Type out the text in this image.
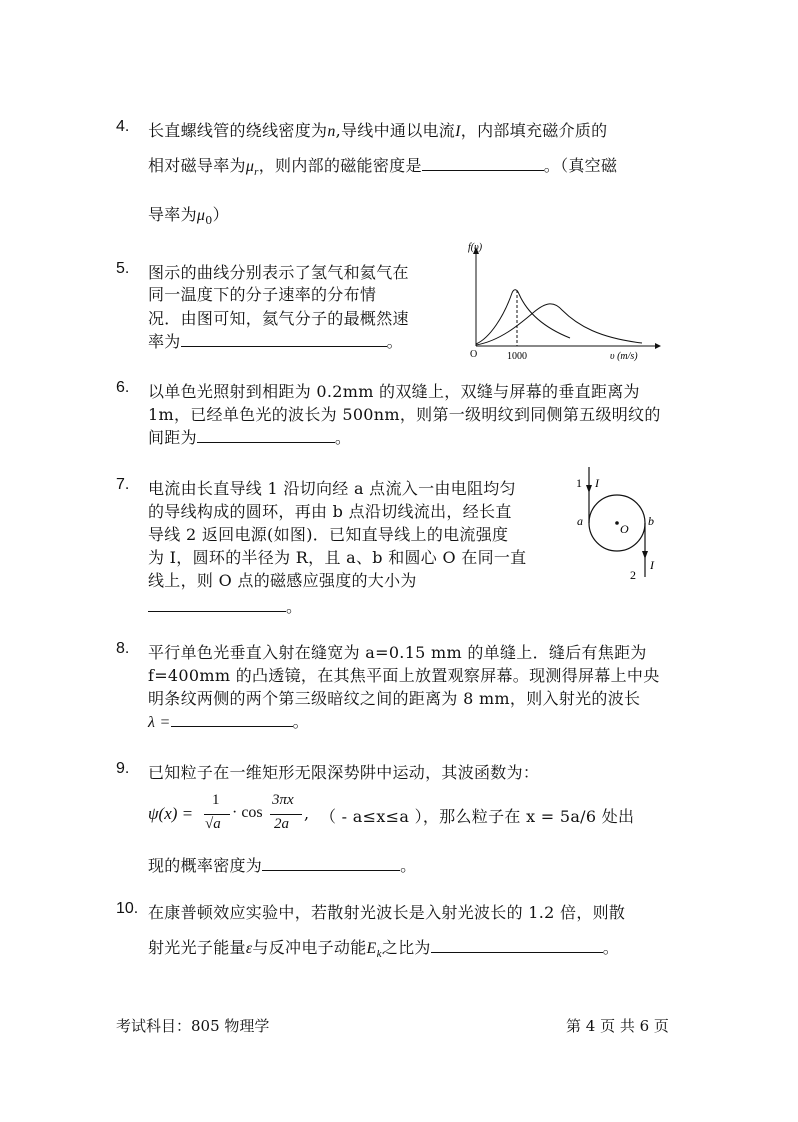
4. 长直螺线管的绕线密度为n,导线中通以电流I，内部填充磁介质的
相对磁导率为$\mu_r$，则内部的磁能密度是	。（真空磁
导率为$\mu_0$）
5. 图示的曲线分别表示了氢气和氦气在
同一温度下的分子速率的分布情
况．由图可知，氦气分子的最概然速
率为	。
f(υ)
O	1000	υ (m/s)
6. 以单色光照射到相距为 0.2mm 的双缝上，双缝与屏幕的垂直距离为
1m，已经单色光的波长为 500nm，则第一级明纹到同侧第五级明纹的
间距为	。
7. 电流由长直导线 1 沿切向经 a 点流入一由电阻均匀
的导线构成的圆环，再由 b 点沿切线流出，经长直
导线 2 返回电源(如图)．已知直导线上的电流强度
为 I，圆环的半径为 R，且 a、b 和圆心 O 在同一直
线上，则 O 点的磁感应强度的大小为
。
1 I
a
O
b
2
I
8. 平行单色光垂直入射在缝宽为 a=0.15 mm 的单缝上．缝后有焦距为
f=400mm 的凸透镜，在其焦平面上放置观察屏幕。现测得屏幕上中央
明条纹两侧的两个第三级暗纹之间的距离为 8 mm，则入射光的波长
λ =	。
9. 已知粒子在一维矩形无限深势阱中运动，其波函数为：
ψ(x) =
1
√a
· cos
3πx
2a
, （ - a≤x≤a ），那么粒子在 x = 5a/6 处出
现的概率密度为	。
10. 在康普顿效应实验中，若散射光波长是入射光波长的 1.2 倍，则散
射光光子能量ε与反冲电子动能$E_k$之比为	。
考试科目：805 物理学	第 4 页 共 6 页
